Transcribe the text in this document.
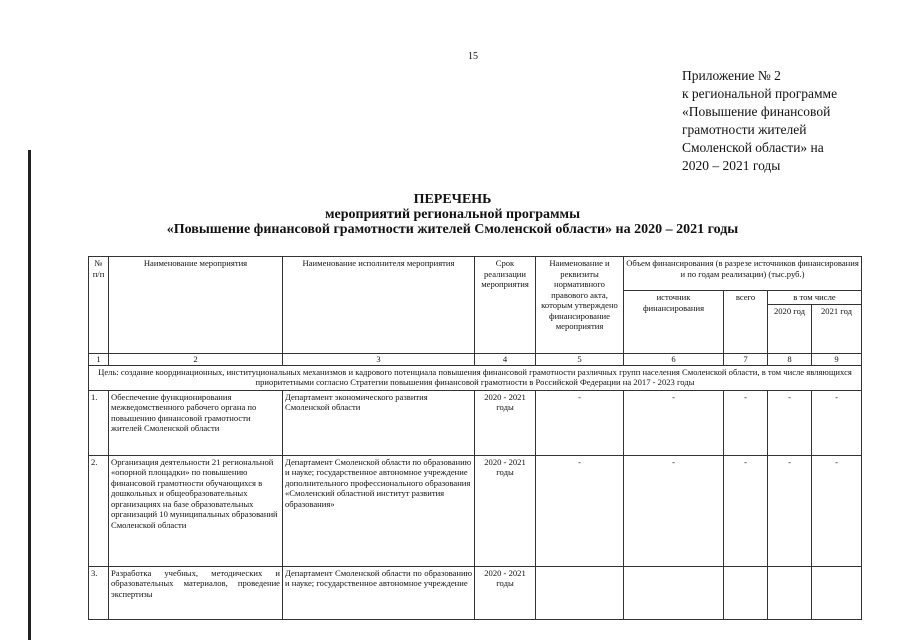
15
Приложение № 2
к региональной программе
«Повышение финансовой
грамотности жителей
Смоленской области» на
2020 – 2021 годы
ПЕРЕЧЕНЬ
мероприятий региональной программы
«Повышение финансовой грамотности жителей Смоленской области» на 2020 – 2021 годы
№ п/п	Наименование мероприятия	Наименование исполнителя мероприятия	Срок реализации мероприятия	Наименование и реквизиты нормативного правового акта, которым утверждено финансирование мероприятия	Объем финансирования (в разрезе источников финансирования и по годам реализации) (тыс.руб.)			
					источник финансирования	всего	в том числе	
							2020 год	2021 год
1	2	3	4	5	6	7	8	9
Цель: создание координационных, институциональных механизмов и кадрового потенциала повышения финансовой грамотности различных групп населения Смоленской области, в том числе являющихся приоритетными согласно Стратегии повышения финансовой грамотности в Российской Федерации на 2017 - 2023 годы								
1.	Обеспечение функционирования межведомственного рабочего органа по повышению финансовой грамотности жителей Смоленской области	Департамент экономического развития Смоленской области	2020 - 2021 годы	-	-	-	-	-
2.	Организация деятельности 21 региональной «опорной площадки» по повышению финансовой грамотности обучающихся в дошкольных и общеобразовательных организациях на базе образовательных организаций 10 муниципальных образований Смоленской области	Департамент Смоленской области по образованию и науке; государственное автономное учреждение дополнительного профессионального образования «Смоленский областной институт развития образования»	2020 - 2021 годы	-	-	-	-	-
3.	Разработка учебных, методических и образовательных материалов, проведение экспертизы	Департамент Смоленской области по образованию и науке; государственное автономное учреждение	2020 - 2021 годы					
